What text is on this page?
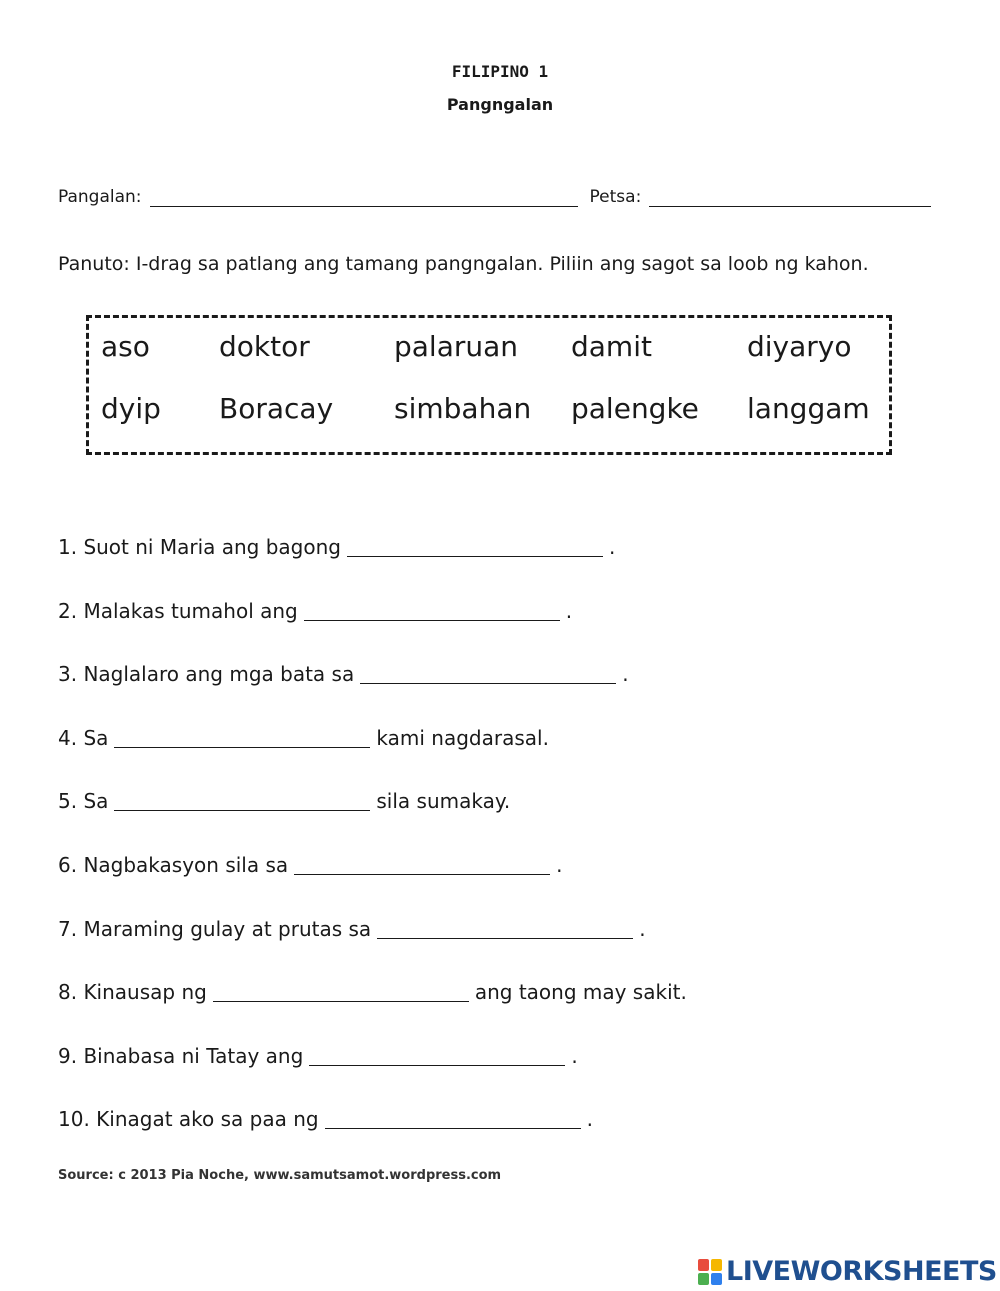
FILIPINO 1
Pangngalan
Pangalan:	Petsa:
Panuto: I-drag sa patlang ang tamang pangngalan. Piliin ang sagot sa loob ng kahon.
aso doktor	palaruan damit	diyaryo
dyip Boracay simbahan palengke langgam
1. Suot ni Maria ang bagong	.
2. Malakas tumahol ang	.
3. Naglalaro ang mga bata sa	.
4. Sa	kami nagdarasal.
5. Sa	sila sumakay.
6. Nagbakasyon sila sa	.
7. Maraming gulay at prutas sa	.
8. Kinausap ng	ang taong may sakit.
9. Binabasa ni Tatay ang	.
10. Kinagat ako sa paa ng	.
Source: c 2013 Pia Noche, www.samutsamot.wordpress.com
LIVEWORKSHEETS
